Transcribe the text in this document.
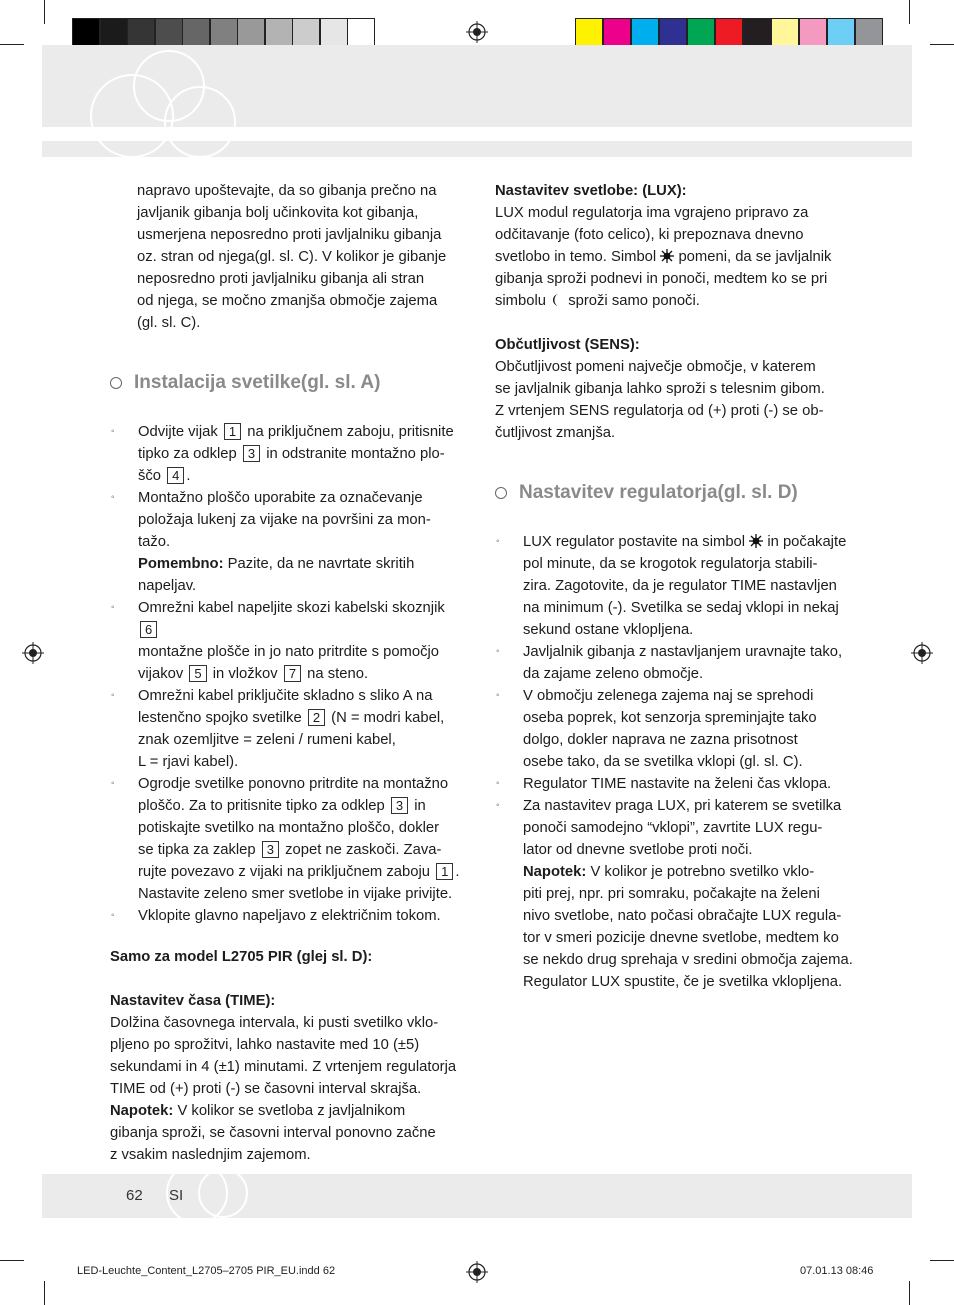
napravo upoštevajte, da so gibanja prečno na

javljanik gibanja bolj učinkovita kot gibanja,

usmerjena neposredno proti javljalniku gibanja

oz. stran od njega(gl. sl. C). V kolikor je gibanje

neposredno proti javljalniku gibanja ali stran

od njega, se močno zmanjša območje zajema

(gl. sl. C).

Instalacija svetilke(gl. sl. A)
◦ Odvijte vijak 1 na priključnem zaboju, pritisnite

tipko za odklep 3 in odstranite montažno plo-

ščo 4 .

◦ Montažno ploščo uporabite za označevanje

položaja lukenj za vijake na površini za mon-

tažo.

Pomembno: Pazite, da ne navrtate skritih

napeljav.

◦ Omrežni kabel napeljite skozi kabelski skoznjik 6

montažne plošče in jo nato pritrdite s pomočjo

vijakov 5 in vložkov 7 na steno.

◦ Omrežni kabel priključite skladno s sliko A na

lestenčno spojko svetilke 2 (N = modri kabel,

znak ozemljitve = zeleni / rumeni kabel,

L = rjavi kabel).

◦ Ogrodje svetilke ponovno pritrdite na montažno

ploščo. Za to pritisnite tipko za odklep 3 in

potiskajte svetilko na montažno ploščo, dokler

se tipka za zaklep 3 zopet ne zaskoči. Zava-

rujte povezavo z vijaki na priključnem zaboju 1 .

Nastavite zeleno smer svetlobe in vijake privijte.

◦ Vklopite glavno napeljavo z električnim tokom.

Samo za model L2705 PIR (glej sl. D):

Nastavitev časa (TIME):

Dolžina časovnega intervala, ki pusti svetilko vklo-

pljeno po sprožitvi, lahko nastavite med 10 (±5)

sekundami in 4 (±1) minutami. Z vrtenjem regulatorja

TIME od (+) proti (-) se časovni interval skrajša.

Napotek: V kolikor se svetloba z javljalnikom

gibanja sproži, se časovni interval ponovno začne

z vsakim naslednjim zajemom.

Nastavitev svetlobe: (LUX):

LUX modul regulatorja ima vgrajeno pripravo za

odčitavanje (foto celico), ki prepoznava dnevno

svetlobo in temo. Simbol pomeni, da se javljalnik

gibanja sproži podnevi in ponoči, medtem ko se pri

simbolu sproži samo ponoči.

Občutljivost (SENS):

Občutljivost pomeni največje območje, v katerem

se javljalnik gibanja lahko sproži s telesnim gibom.

Z vrtenjem SENS regulatorja od (+) proti (-) se ob-

čutljivost zmanjša.

Nastavitev regulatorja(gl. sl. D)
◦ LUX regulator postavite na simbol in počakajte

pol minute, da se krogotok regulatorja stabili-

zira. Zagotovite, da je regulator TIME nastavljen

na minimum (-). Svetilka se sedaj vklopi in nekaj

sekund ostane vklopljena.

◦ Javljalnik gibanja z nastavljanjem uravnajte tako,

da zajame zeleno območje.

◦ V območju zelenega zajema naj se sprehodi

oseba poprek, kot senzorja spreminjajte tako

dolgo, dokler naprava ne zazna prisotnost

osebe tako, da se svetilka vklopi (gl. sl. C).

◦ Regulator TIME nastavite na želeni čas vklopa.

◦ Za nastavitev praga LUX, pri katerem se svetilka

ponoči samodejno “vklopi”, zavrtite LUX regu-

lator od dnevne svetlobe proti noči.

Napotek: V kolikor je potrebno svetilko vklo-

piti prej, npr. pri somraku, počakajte na želeni

nivo svetlobe, nato počasi obračajte LUX regula-

tor v smeri pozicije dnevne svetlobe, medtem ko

se nekdo drug sprehaja v sredini območja zajema.

Regulator LUX spustite, če je svetilka vklopljena.

62 SI
LED-Leuchte_Content_L2705–2705 PIR_EU.indd 62	07.01.13 08:46
